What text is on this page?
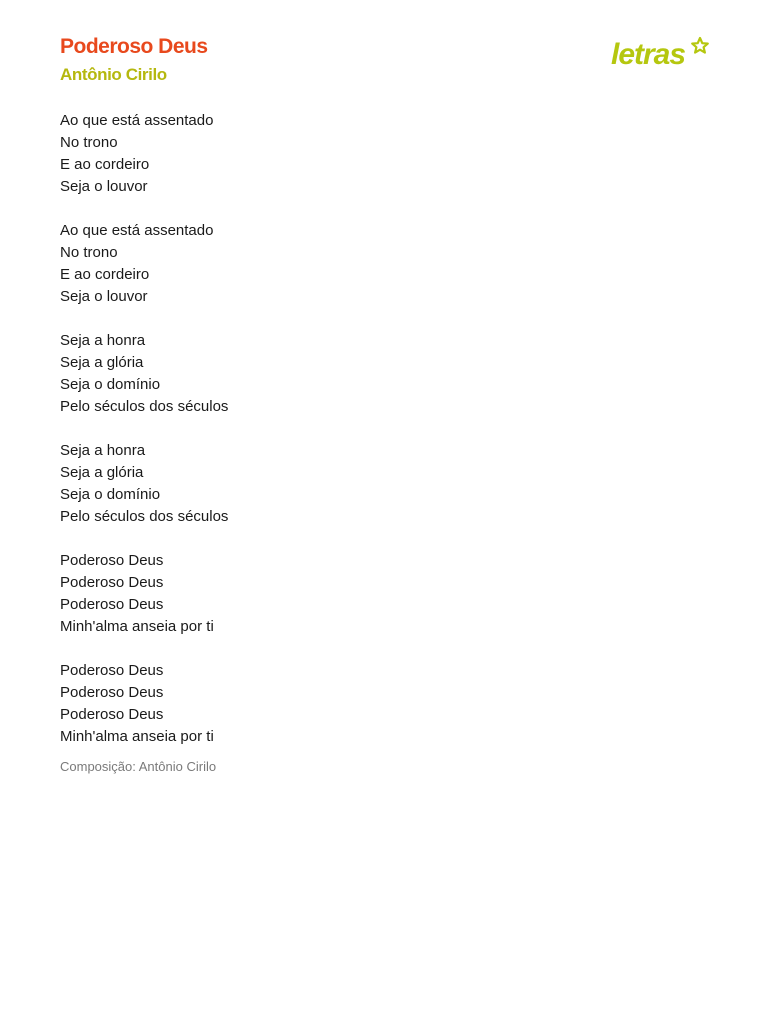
Poderoso Deus
Antônio Cirilo
Ao que está assentado
No trono
E ao cordeiro
Seja o louvor
Ao que está assentado
No trono
E ao cordeiro
Seja o louvor
Seja a honra
Seja a glória
Seja o domínio
Pelo séculos dos séculos
Seja a honra
Seja a glória
Seja o domínio
Pelo séculos dos séculos
Poderoso Deus
Poderoso Deus
Poderoso Deus
Minh'alma anseia por ti
Poderoso Deus
Poderoso Deus
Poderoso Deus
Minh'alma anseia por ti
Composição: Antônio Cirilo
letras
